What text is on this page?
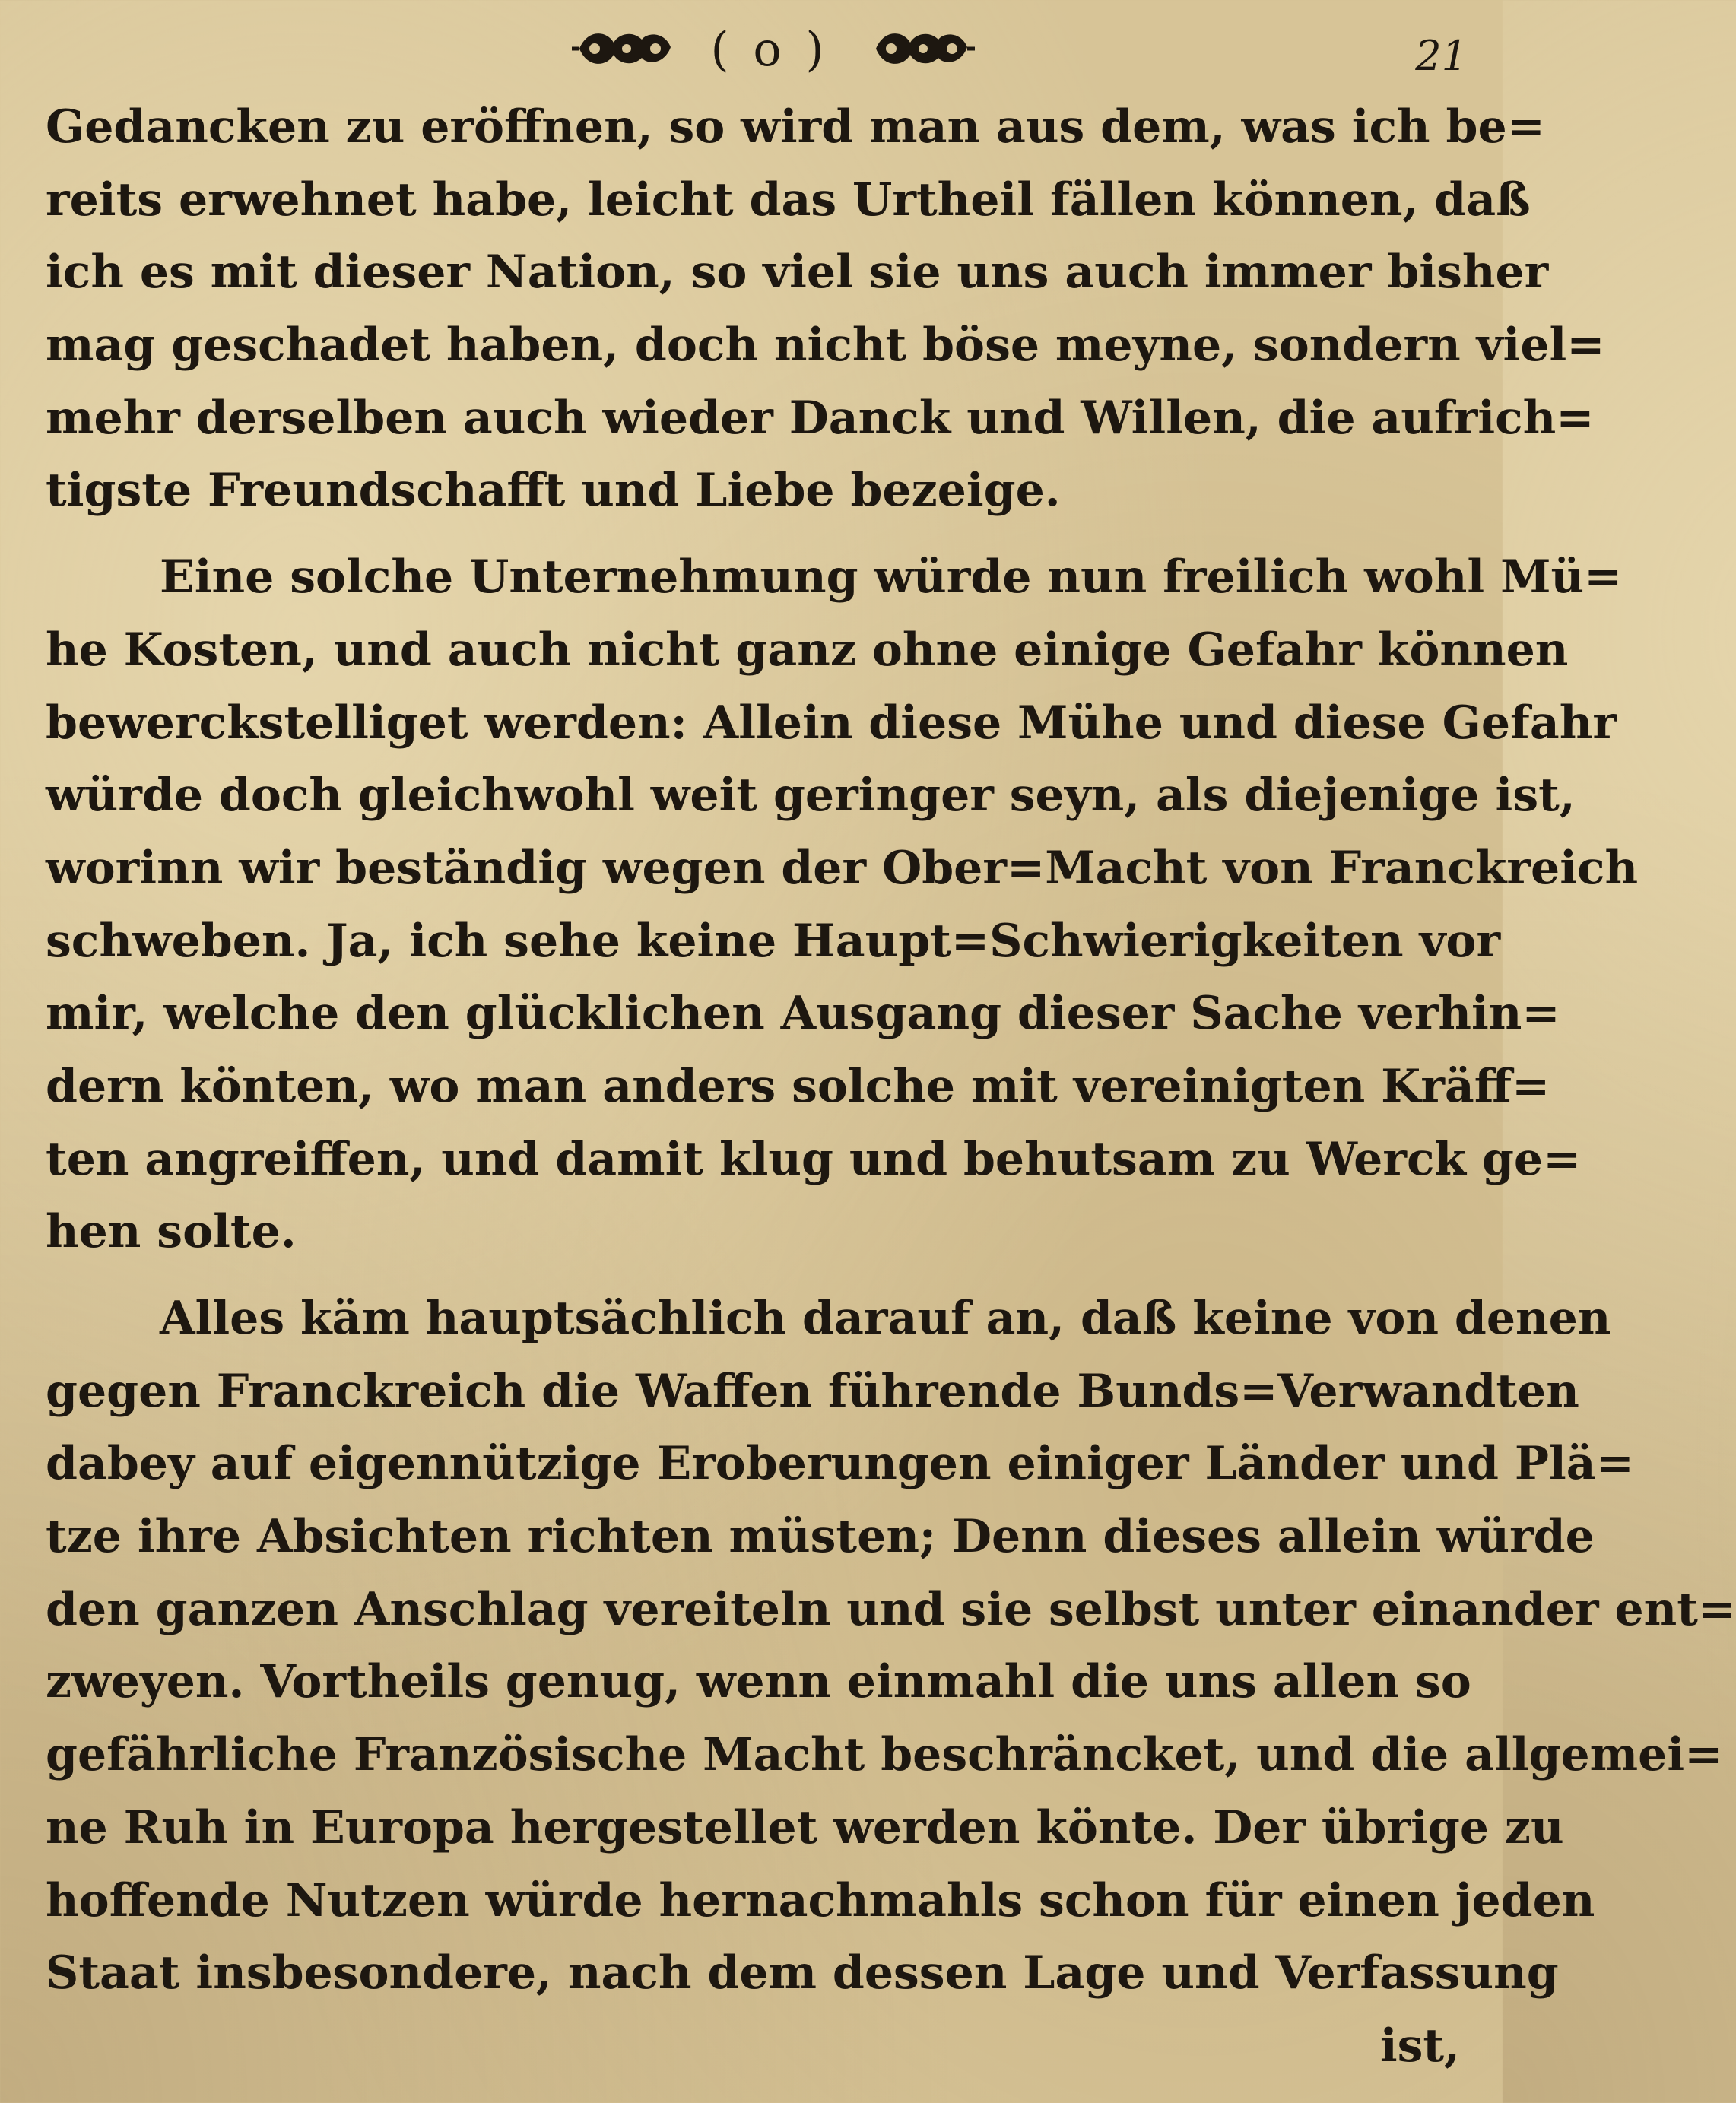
( o )	21
Gedancken zu eröffnen, so wird man aus dem, was ich be=
reits erwehnet habe, leicht das Urtheil fällen können, daß
ich es mit dieser Nation, so viel sie uns auch immer bisher
mag geschadet haben, doch nicht böse meyne, sondern viel=
mehr derselben auch wieder Danck und Willen, die aufrich=
tigste Freundschafft und Liebe bezeige.
Eine solche Unternehmung würde nun freilich wohl Mü=
he Kosten, und auch nicht ganz ohne einige Gefahr können
bewerckstelliget werden: Allein diese Mühe und diese Gefahr
würde doch gleichwohl weit geringer seyn, als diejenige ist,
worinn wir beständig wegen der Ober=Macht von Franckreich
schweben. Ja, ich sehe keine Haupt=Schwierigkeiten vor
mir, welche den glücklichen Ausgang dieser Sache verhin=
dern könten, wo man anders solche mit vereinigten Kräff=
ten angreiffen, und damit klug und behutsam zu Werck ge=
hen solte.
Alles käm hauptsächlich darauf an, daß keine von denen
gegen Franckreich die Waffen führende Bunds=Verwandten
dabey auf eigennützige Eroberungen einiger Länder und Plä=
tze ihre Absichten richten müsten; Denn dieses allein würde
den ganzen Anschlag vereiteln und sie selbst unter einander ent=
zweyen. Vortheils genug, wenn einmahl die uns allen so
gefährliche Französische Macht beschräncket, und die allgemei=
ne Ruh in Europa hergestellet werden könte. Der übrige zu
hoffende Nutzen würde hernachmahls schon für einen jeden
Staat insbesondere, nach dem dessen Lage und Verfassung
ist,
